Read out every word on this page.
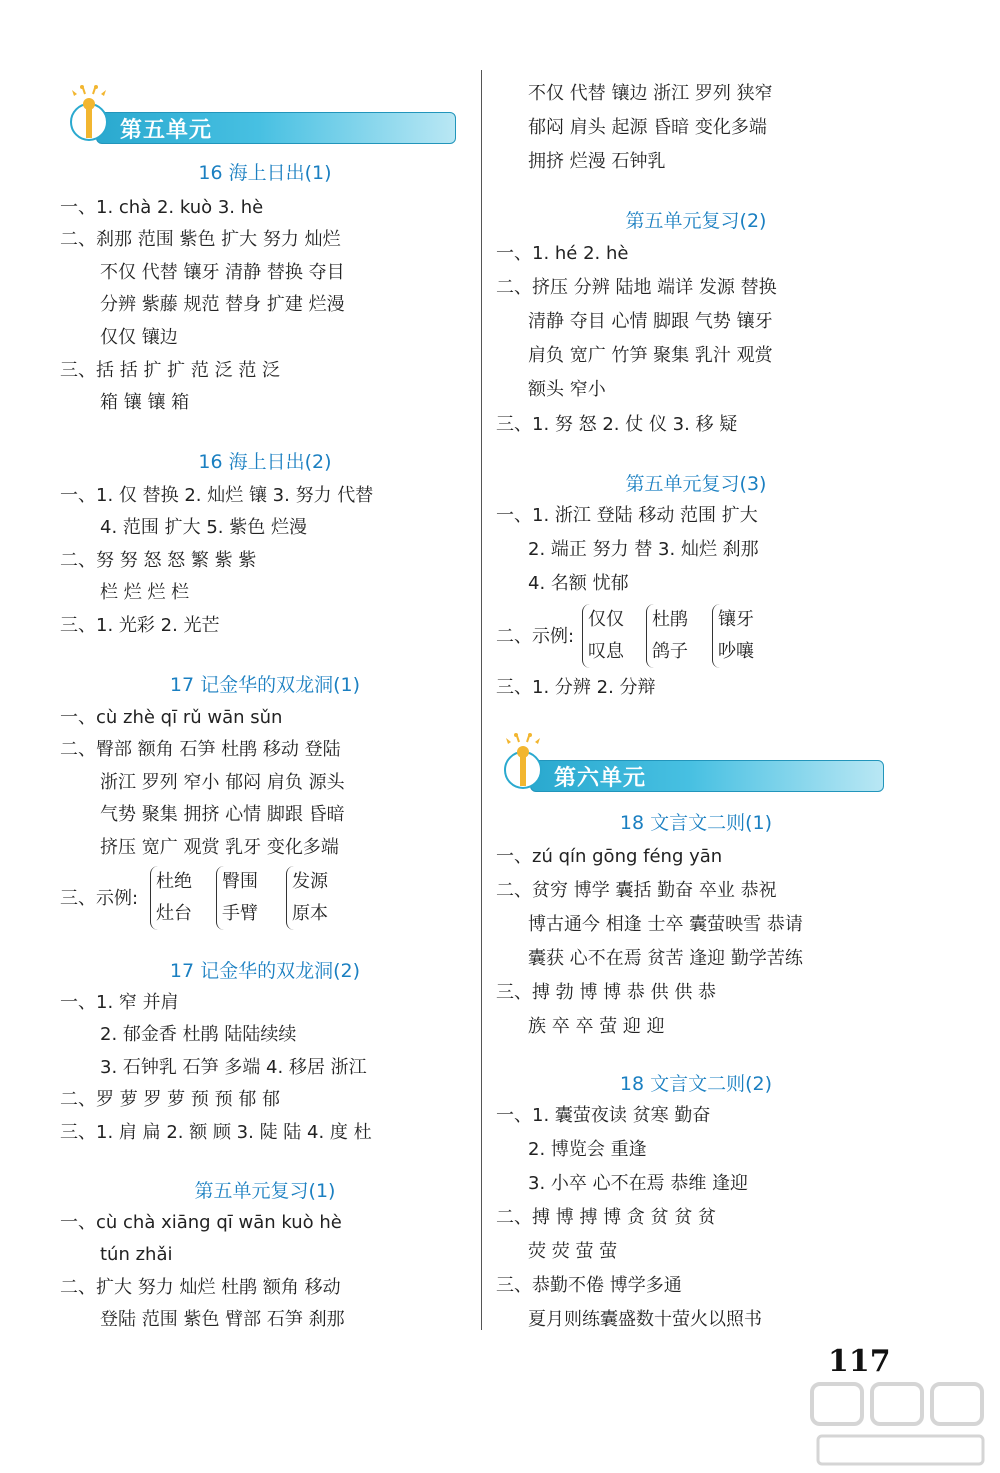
第五单元
16 海上日出(1)
一、1. chà 2. kuò 3. hè
二、刹那 范围 紫色 扩大 努力 灿烂
不仅 代替 镶牙 清静 替换 夺目
分辨 紫藤 规范 替身 扩建 烂漫
仅仅 镶边
三、括 括 扩 扩 范 泛 范 泛
箱 镶 镶 箱
16 海上日出(2)
一、1. 仅 替换 2. 灿烂 镶 3. 努力 代替
4. 范围 扩大 5. 紫色 烂漫
二、努 努 怒 怒 繁 紫 紫
栏 烂 烂 栏
三、1. 光彩 2. 光芒
17 记金华的双龙洞(1)
一、cù zhè qī rǔ wān sǔn
二、臀部 额角 石笋 杜鹃 移动 登陆
浙江 罗列 窄小 郁闷 肩负 源头
气势 聚集 拥挤 心情 脚跟 昏暗
挤压 宽广 观赏 乳牙 变化多端
三、示例:
杜绝
灶台
臀围
手臂
发源
原本
17 记金华的双龙洞(2)
一、1. 窄 并肩
2. 郁金香 杜鹃 陆陆续续
3. 石钟乳 石笋 多端 4. 移居 浙江
二、罗 萝 罗 萝 预 预 郁 郁
三、1. 肩 扁 2. 额 顾 3. 陡 陆 4. 度 杜
第五单元复习(1)
一、cù chà xiāng qī wān kuò hè
tún zhǎi
二、扩大 努力 灿烂 杜鹃 额角 移动
登陆 范围 紫色 臂部 石笋 刹那
不仅 代替 镶边 浙江 罗列 狭窄
郁闷 肩头 起源 昏暗 变化多端
拥挤 烂漫 石钟乳
第五单元复习(2)
一、1. hé 2. hè
二、挤压 分辨 陆地 端详 发源 替换
清静 夺目 心情 脚跟 气势 镶牙
肩负 宽广 竹笋 聚集 乳汁 观赏
额头 窄小
三、1. 努 怒 2. 仗 仪 3. 移 疑
第五单元复习(3)
一、1. 浙江 登陆 移动 范围 扩大
2. 端正 努力 替 3. 灿烂 刹那
4. 名额 忧郁
二、示例:
仅仅
叹息
杜鹃
鸽子
镶牙
吵嚷
三、1. 分辨 2. 分辩
第六单元
18 文言文二则(1)
一、zú qín gōng féng yān
二、贫穷 博学 囊括 勤奋 卒业 恭祝
博古通今 相逢 士卒 囊萤映雪 恭请
囊获 心不在焉 贫苦 逢迎 勤学苦练
三、搏 勃 博 博 恭 供 供 恭
族 卒 卒 萤 迎 迎
18 文言文二则(2)
一、1. 囊萤夜读 贫寒 勤奋
2. 博览会 重逢
3. 小卒 心不在焉 恭维 逢迎
二、搏 博 搏 博 贪 贫 贫 贫
荧 荧 萤 萤
三、恭勤不倦 博学多通
夏月则练囊盛数十萤火以照书
117
